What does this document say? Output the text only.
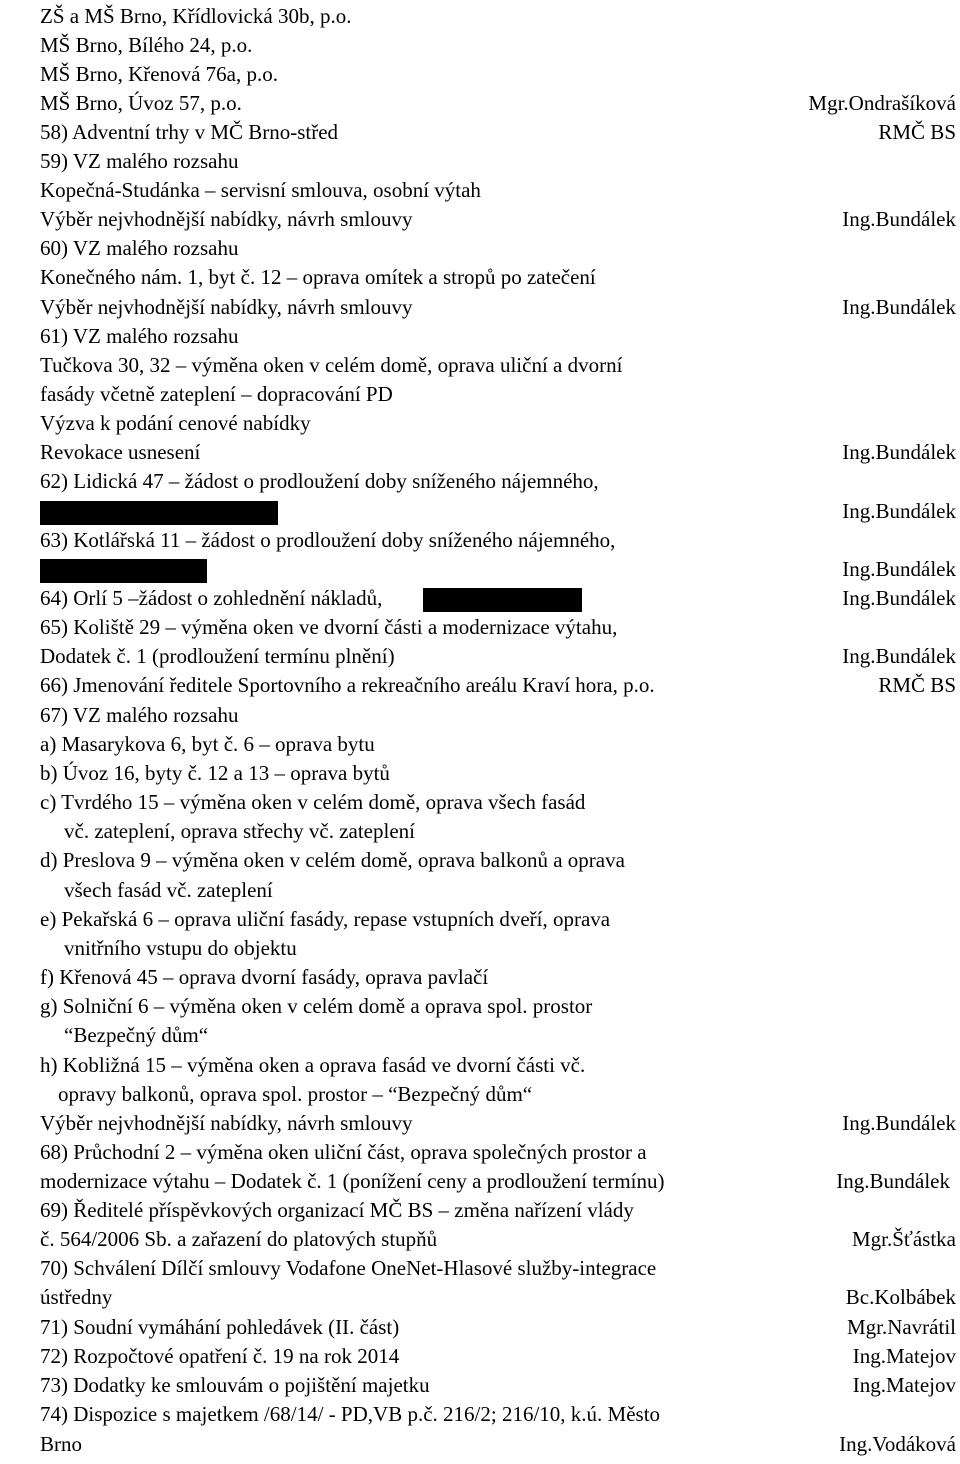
ZŠ a MŠ Brno, Křídlovická 30b, p.o.
MŠ Brno, Bílého 24, p.o.
MŠ Brno, Křenová 76a, p.o.
MŠ Brno, Úvoz 57, p.o.	Mgr.Ondrašíková
58) Adventní trhy v MČ Brno-střed	RMČ BS
59) VZ malého rozsahu
Kopečná-Studánka – servisní smlouva, osobní výtah
Výběr nejvhodnější nabídky, návrh smlouvy	Ing.Bundálek
60) VZ malého rozsahu
Konečného nám. 1, byt č. 12 – oprava omítek a stropů po zatečení
Výběr nejvhodnější nabídky, návrh smlouvy	Ing.Bundálek
61) VZ malého rozsahu
Tučkova 30, 32 – výměna oken v celém domě, oprava uliční a dvorní
fasády včetně zateplení – dopracování PD
Výzva k podání cenové nabídky
Revokace usnesení	Ing.Bundálek
62) Lidická 47 – žádost o prodloužení doby sníženého nájemného,
Ing.Bundálek
63) Kotlářská 11 – žádost o prodloužení doby sníženého nájemného,
Ing.Bundálek
64) Orlí 5 –žádost o zohlednění nákladů,	Ing.Bundálek
65) Koliště 29 – výměna oken ve dvorní části a modernizace výtahu,
Dodatek č. 1 (prodloužení termínu plnění)	Ing.Bundálek
66) Jmenování ředitele Sportovního a rekreačního areálu Kraví hora, p.o.	RMČ BS
67) VZ malého rozsahu
a) Masarykova 6, byt č. 6 – oprava bytu
b) Úvoz 16, byty č. 12 a 13 – oprava bytů
c) Tvrdého 15 – výměna oken v celém domě, oprava všech fasád
vč. zateplení, oprava střechy vč. zateplení
d) Preslova 9 – výměna oken v celém domě, oprava balkonů a oprava
všech fasád vč. zateplení
e) Pekařská 6 – oprava uliční fasády, repase vstupních dveří, oprava
vnitřního vstupu do objektu
f) Křenová 45 – oprava dvorní fasády, oprava pavlačí
g) Solniční 6 – výměna oken v celém domě a oprava spol. prostor
“Bezpečný dům“
h) Kobližná 15 – výměna oken a oprava fasád ve dvorní části vč.
opravy balkonů, oprava spol. prostor – “Bezpečný dům“
Výběr nejvhodnější nabídky, návrh smlouvy	Ing.Bundálek
68) Průchodní 2 – výměna oken uliční část, oprava společných prostor a
modernizace výtahu – Dodatek č. 1 (ponížení ceny a prodloužení termínu)	Ing.Bundálek
69) Ředitelé příspěvkových organizací MČ BS – změna nařízení vlády
č. 564/2006 Sb. a zařazení do platových stupňů	Mgr.Šťástka
70) Schválení Dílčí smlouvy Vodafone OneNet-Hlasové služby-integrace
ústředny	Bc.Kolbábek
71) Soudní vymáhání pohledávek (II. část)	Mgr.Navrátil
72) Rozpočtové opatření č. 19 na rok 2014	Ing.Matejov
73) Dodatky ke smlouvám o pojištění majetku	Ing.Matejov
74) Dispozice s majetkem /68/14/ - PD,VB p.č. 216/2; 216/10, k.ú. Město
Brno	Ing.Vodáková
